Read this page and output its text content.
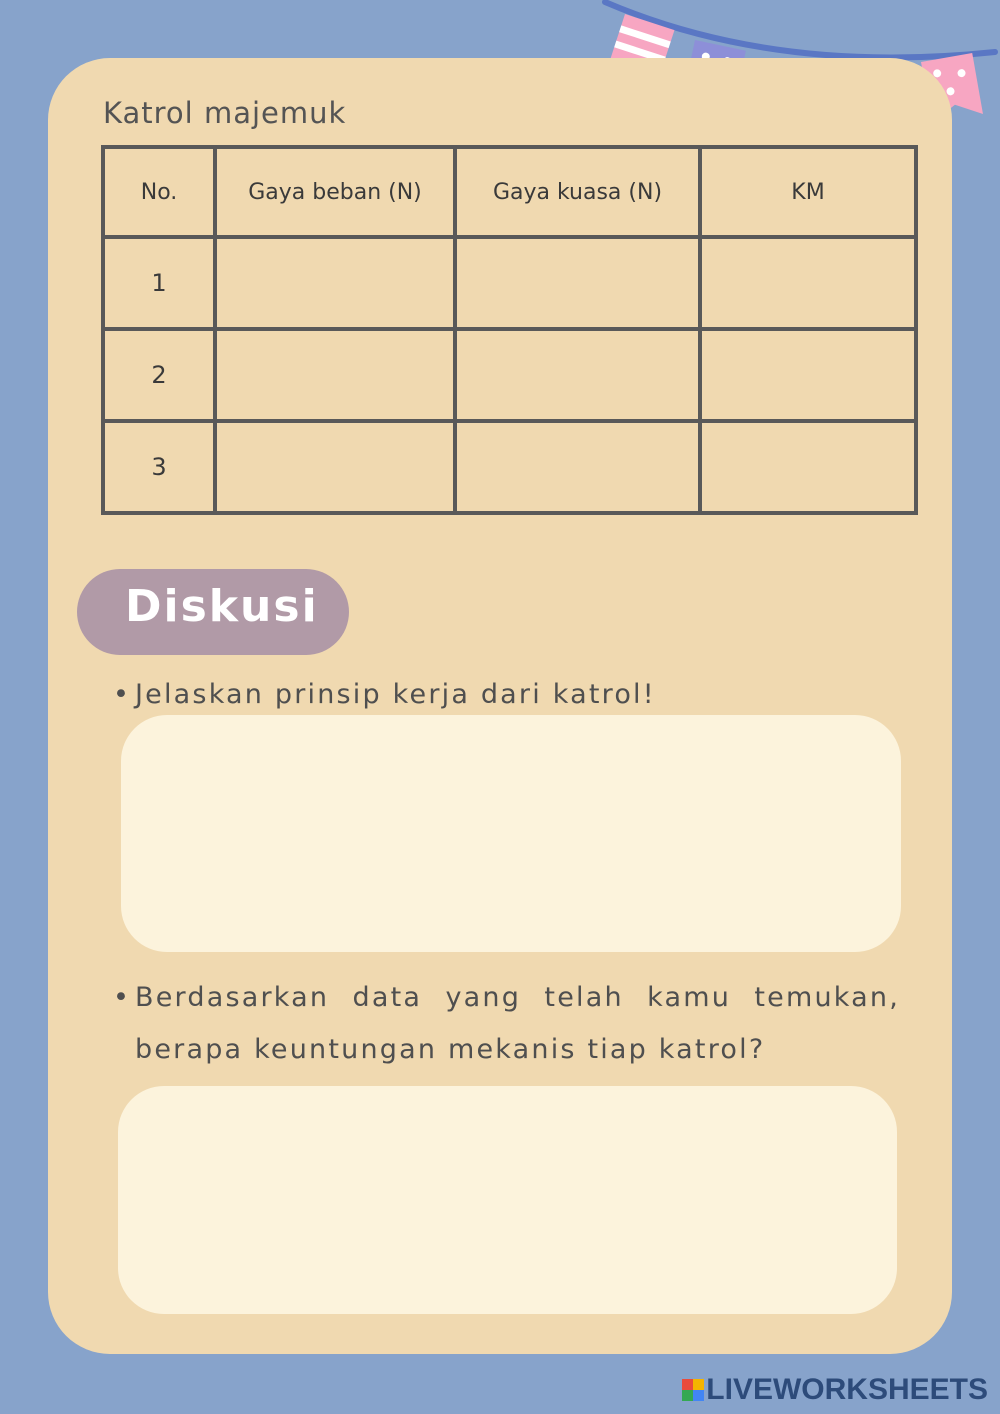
Katrol majemuk
No.	Gaya beban (N)	Gaya kuasa (N)	KM
1			
2			
3			
Diskusi
• Jelaskan prinsip kerja dari katrol!
• Berdasarkan data yang telah kamu temukan, berapa keuntungan mekanis tiap katrol?
LIVEWORKSHEETS
